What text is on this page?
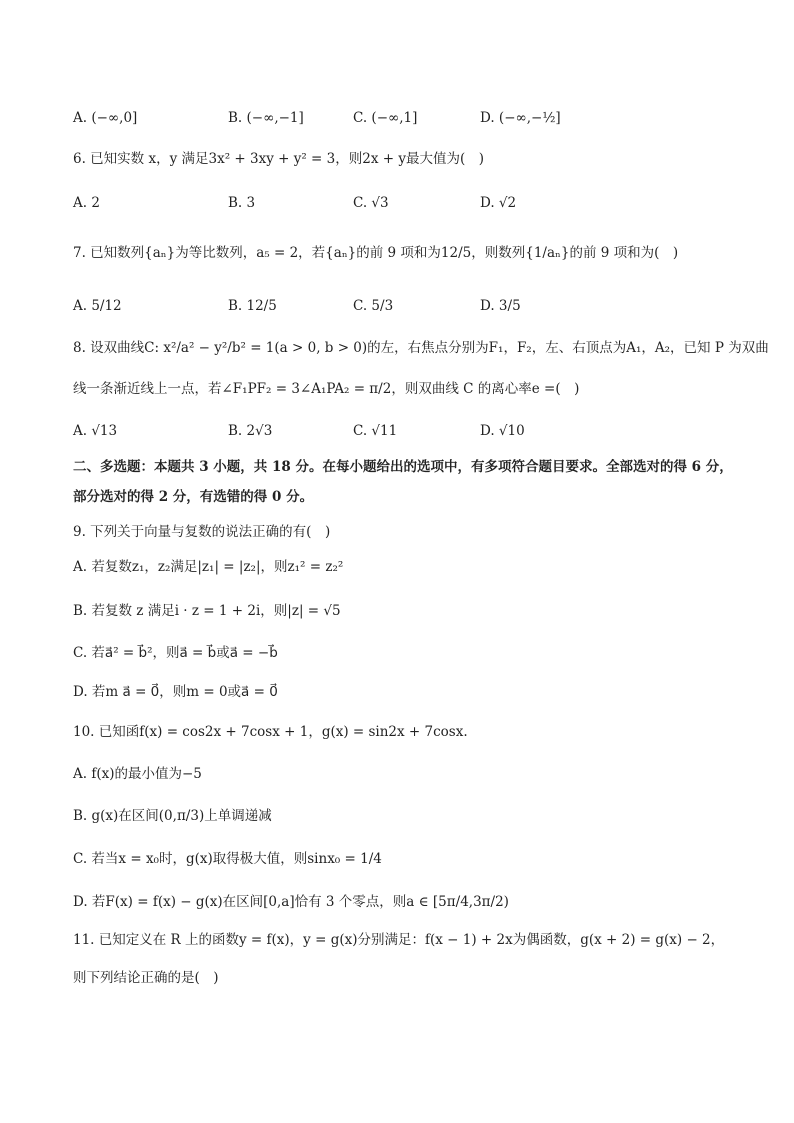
A. (−∞,0]	B. (−∞,−1]	C. (−∞,1]	D. (−∞,−½]
6. 已知实数 x，y 满足3x² + 3xy + y² = 3，则2x + y最大值为(　)
A. 2	B. 3	C. √3	D. √2
7. 已知数列{aₙ}为等比数列，a₅ = 2，若{aₙ}的前 9 项和为12/5，则数列{1/aₙ}的前 9 项和为(　)
A. 5/12	B. 12/5	C. 5/3	D. 3/5
8. 设双曲线C: x²/a² − y²/b² = 1(a > 0, b > 0)的左，右焦点分别为F₁，F₂，左、右顶点为A₁，A₂，已知 P 为双曲
线一条渐近线上一点，若∠F₁PF₂ = 3∠A₁PA₂ = π/2，则双曲线 C 的离心率e =(　)
A. √13	B. 2√3	C. √11	D. √10
二、多选题：本题共 3 小题，共 18 分。在每小题给出的选项中，有多项符合题目要求。全部选对的得 6 分，
部分选对的得 2 分，有选错的得 0 分。
9. 下列关于向量与复数的说法正确的有(　)
A. 若复数z₁，z₂满足|z₁| = |z₂|，则z₁² = z₂²
B. 若复数 z 满足i · z = 1 + 2i，则|z| = √5
C. 若a⃗² = b⃗²，则a⃗ = b⃗或a⃗ = −b⃗
D. 若m a⃗ = 0⃗，则m = 0或a⃗ = 0⃗
10. 已知函f(x) = cos2x + 7cosx + 1，g(x) = sin2x + 7cosx.
A. f(x)的最小值为−5
B. g(x)在区间(0,π/3)上单调递减
C. 若当x = x₀时，g(x)取得极大值，则sinx₀ = 1/4
D. 若F(x) = f(x) − g(x)在区间[0,a]恰有 3 个零点，则a ∈ [5π/4,3π/2)
11. 已知定义在 R 上的函数y = f(x)，y = g(x)分别满足：f(x − 1) + 2x为偶函数，g(x + 2) = g(x) − 2，
则下列结论正确的是(　)
